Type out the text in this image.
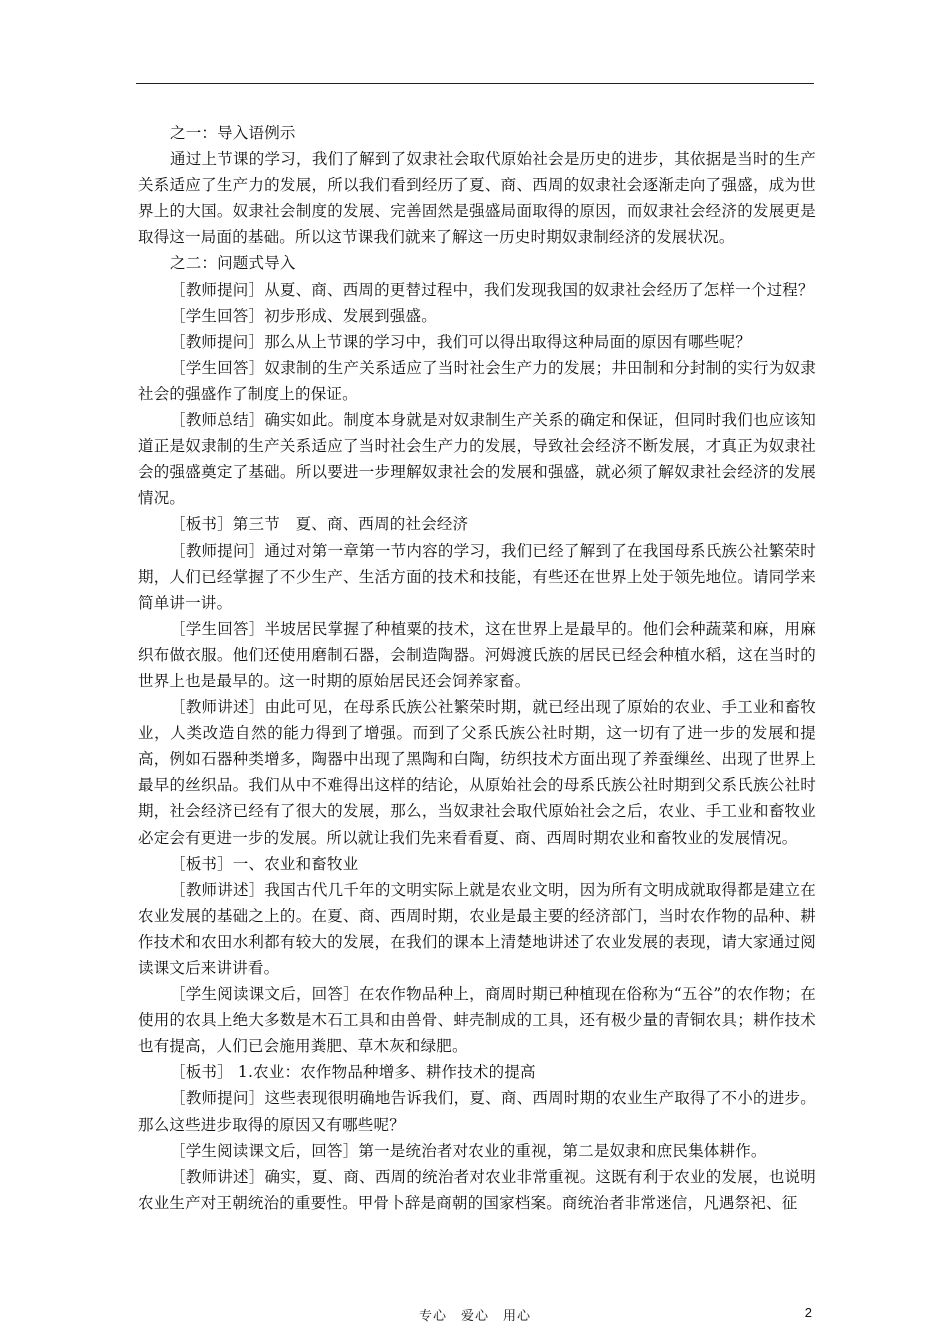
之一：导入语例示

通过上节课的学习，我们了解到了奴隶社会取代原始社会是历史的进步，其依据是当时的生产关系适应了生产力的发展，所以我们看到经历了夏、商、西周的奴隶社会逐渐走向了强盛，成为世界上的大国。奴隶社会制度的发展、完善固然是强盛局面取得的原因，而奴隶社会经济的发展更是取得这一局面的基础。所以这节课我们就来了解这一历史时期奴隶制经济的发展状况。

之二：问题式导入

［教师提问］从夏、商、西周的更替过程中，我们发现我国的奴隶社会经历了怎样一个过程？

［学生回答］初步形成、发展到强盛。

［教师提问］那么从上节课的学习中，我们可以得出取得这种局面的原因有哪些呢？

［学生回答］奴隶制的生产关系适应了当时社会生产力的发展；井田制和分封制的实行为奴隶社会的强盛作了制度上的保证。

［教师总结］确实如此。制度本身就是对奴隶制生产关系的确定和保证，但同时我们也应该知道正是奴隶制的生产关系适应了当时社会生产力的发展，导致社会经济不断发展，才真正为奴隶社会的强盛奠定了基础。所以要进一步理解奴隶社会的发展和强盛，就必须了解奴隶社会经济的发展情况。

［板书］第三节　夏、商、西周的社会经济

［教师提问］通过对第一章第一节内容的学习，我们已经了解到了在我国母系氏族公社繁荣时期，人们已经掌握了不少生产、生活方面的技术和技能，有些还在世界上处于领先地位。请同学来简单讲一讲。

［学生回答］半坡居民掌握了种植粟的技术，这在世界上是最早的。他们会种蔬菜和麻，用麻织布做衣服。他们还使用磨制石器，会制造陶器。河姆渡氏族的居民已经会种植水稻，这在当时的世界上也是最早的。这一时期的原始居民还会饲养家畜。

［教师讲述］由此可见，在母系氏族公社繁荣时期，就已经出现了原始的农业、手工业和畜牧业，人类改造自然的能力得到了增强。而到了父系氏族公社时期，这一切有了进一步的发展和提高，例如石器种类增多，陶器中出现了黑陶和白陶，纺织技术方面出现了养蚕缫丝、出现了世界上最早的丝织品。我们从中不难得出这样的结论，从原始社会的母系氏族公社时期到父系氏族公社时期，社会经济已经有了很大的发展，那么，当奴隶社会取代原始社会之后，农业、手工业和畜牧业必定会有更进一步的发展。所以就让我们先来看看夏、商、西周时期农业和畜牧业的发展情况。

［板书］一、农业和畜牧业

［教师讲述］我国古代几千年的文明实际上就是农业文明，因为所有文明成就取得都是建立在农业发展的基础之上的。在夏、商、西周时期，农业是最主要的经济部门，当时农作物的品种、耕作技术和农田水利都有较大的发展，在我们的课本上清楚地讲述了农业发展的表现，请大家通过阅读课文后来讲讲看。

［学生阅读课文后，回答］在农作物品种上，商周时期已种植现在俗称为“五谷”的农作物；在使用的农具上绝大多数是木石工具和由兽骨、蚌壳制成的工具，还有极少量的青铜农具；耕作技术也有提高，人们已会施用粪肥、草木灰和绿肥。

［板书］ 1.农业：农作物品种增多、耕作技术的提高

［教师提问］这些表现很明确地告诉我们，夏、商、西周时期的农业生产取得了不小的进步。那么这些进步取得的原因又有哪些呢？

［学生阅读课文后，回答］第一是统治者对农业的重视，第二是奴隶和庶民集体耕作。

［教师讲述］确实，夏、商、西周的统治者对农业非常重视。这既有利于农业的发展，也说明农业生产对王朝统治的重要性。甲骨卜辞是商朝的国家档案。商统治者非常迷信，凡遇祭祀、征

专心　爱心　用心	2
